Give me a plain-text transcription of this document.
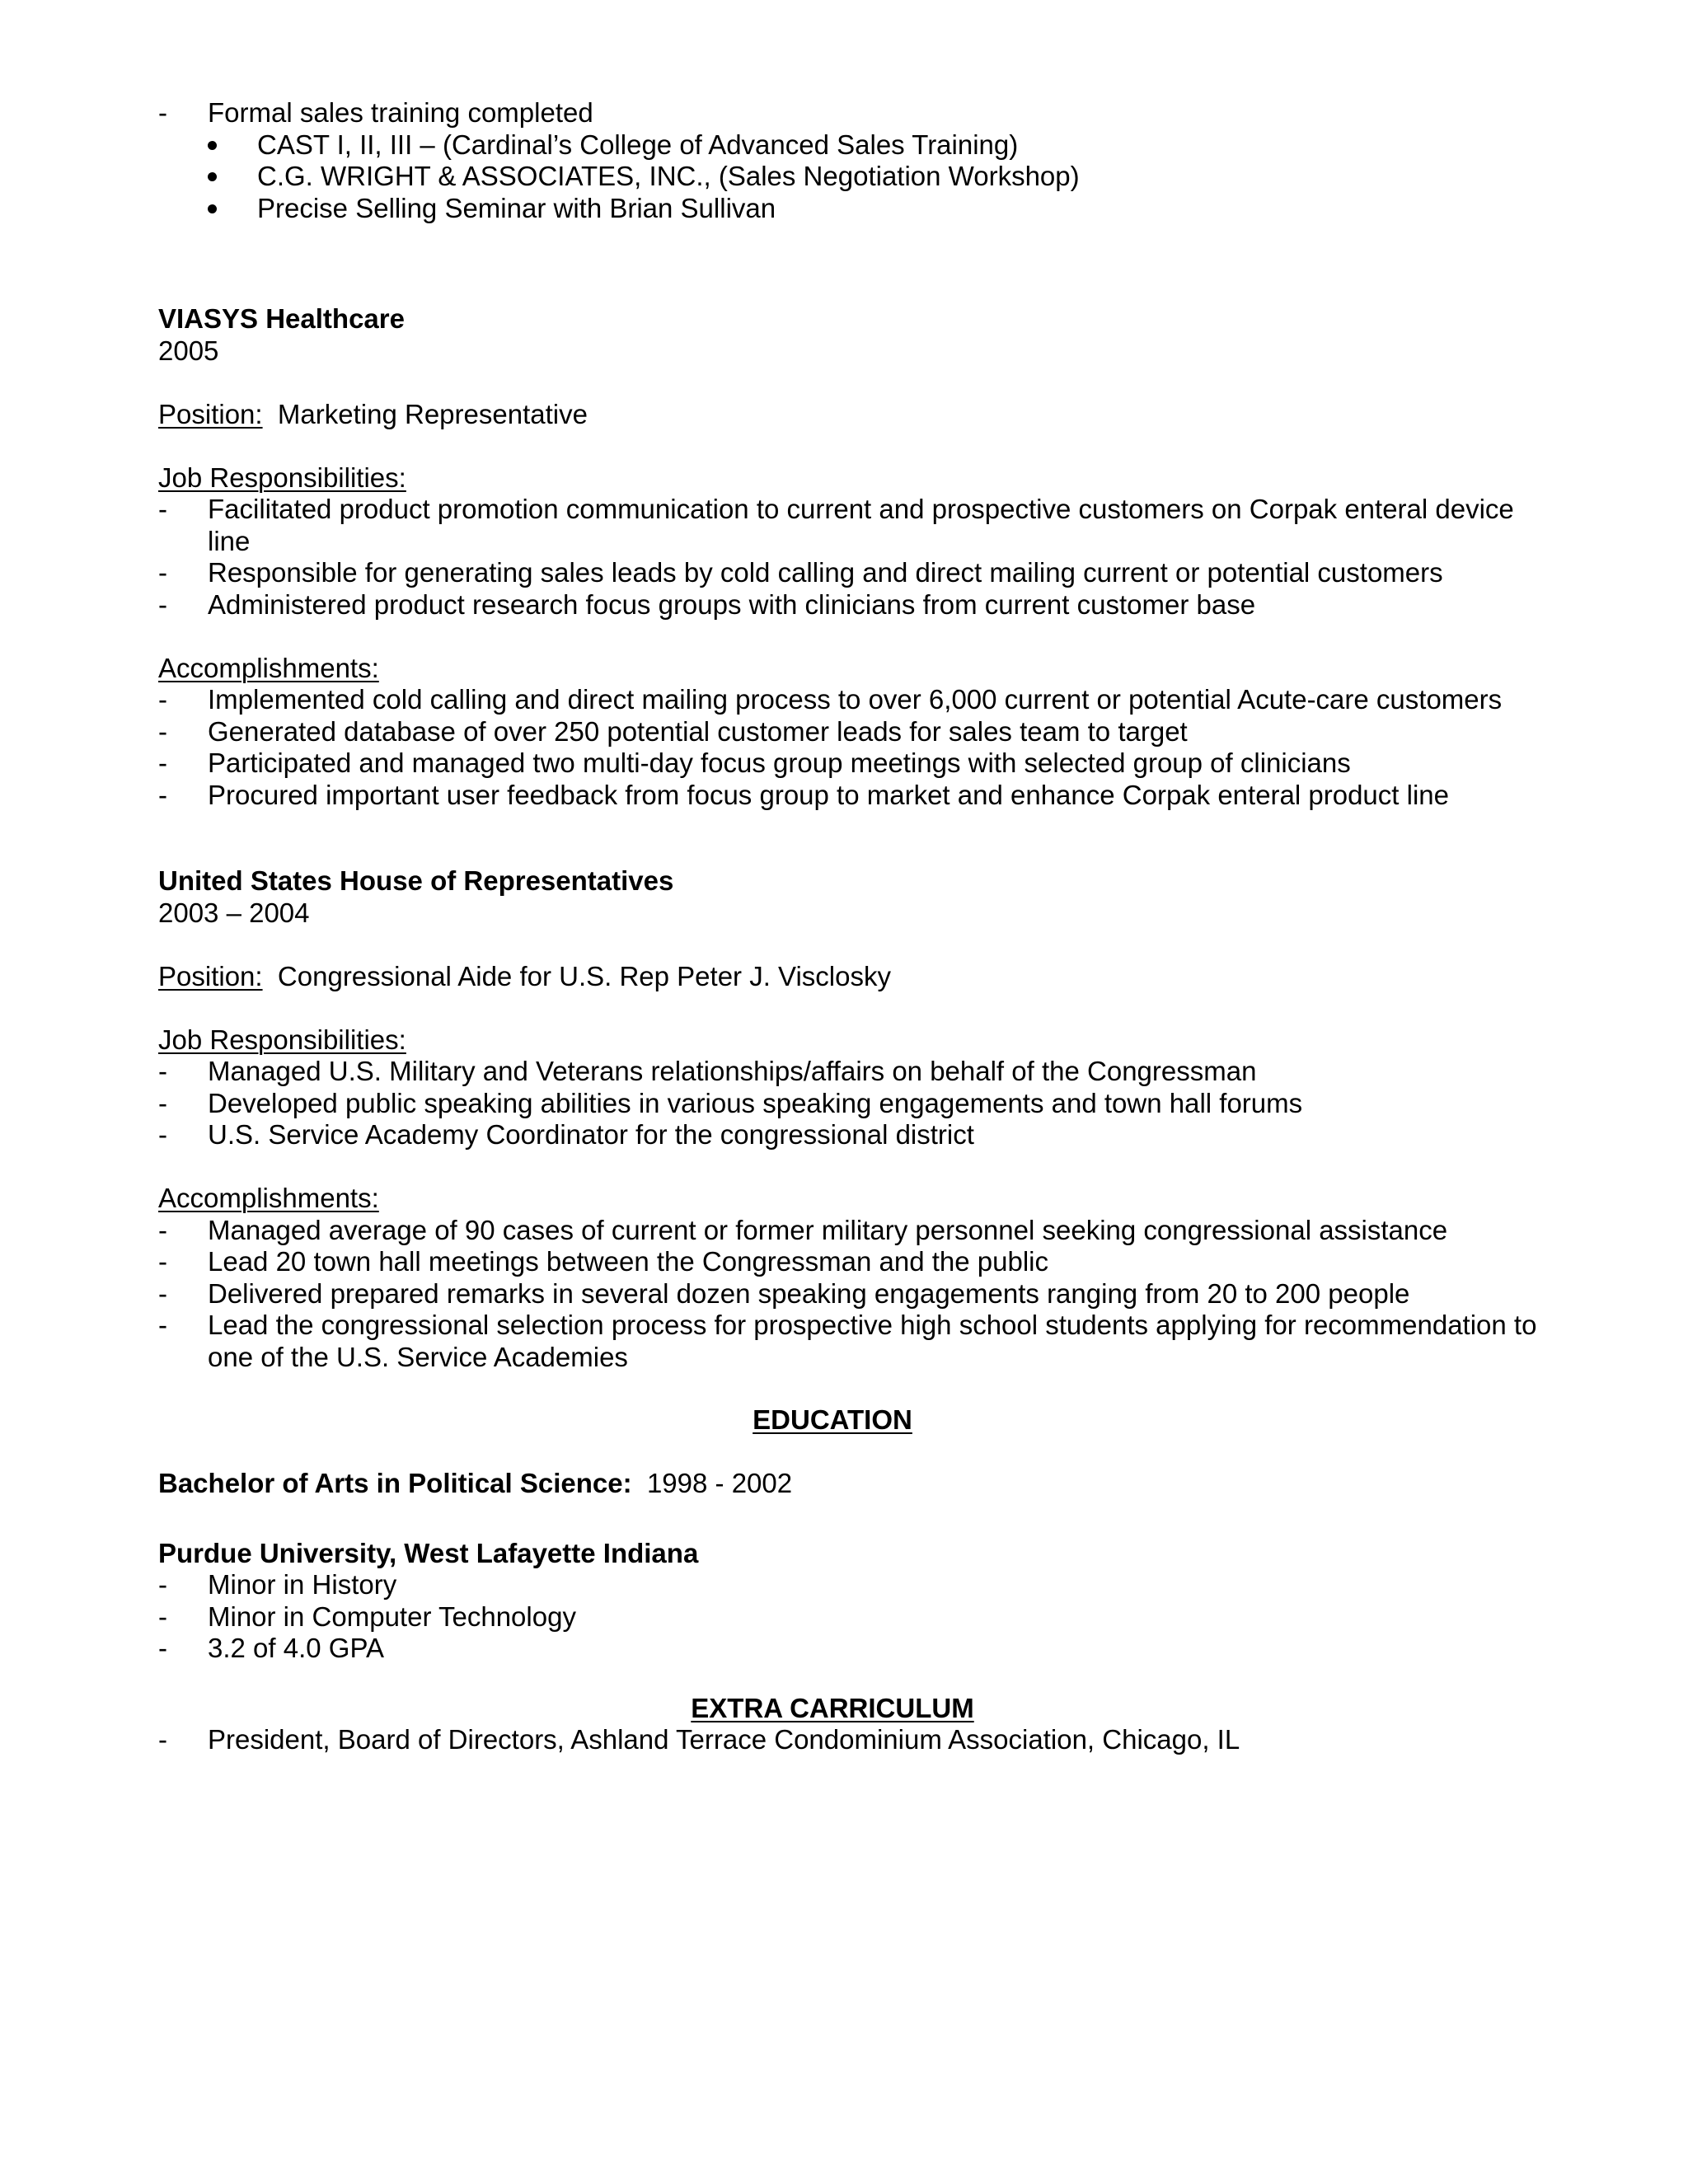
- Formal sales training completed
CAST I, II, III – (Cardinal’s College of Advanced Sales Training)
C.G. WRIGHT & ASSOCIATES, INC., (Sales Negotiation Workshop)
Precise Selling Seminar with Brian Sullivan
VIASYS Healthcare
2005
Position: Marketing Representative
Job Responsibilities:
- Facilitated product promotion communication to current and prospective customers on Corpak enteral device line
- Responsible for generating sales leads by cold calling and direct mailing current or potential customers
- Administered product research focus groups with clinicians from current customer base
Accomplishments:
- Implemented cold calling and direct mailing process to over 6,000 current or potential Acute-care customers
- Generated database of over 250 potential customer leads for sales team to target
- Participated and managed two multi-day focus group meetings with selected group of clinicians
- Procured important user feedback from focus group to market and enhance Corpak enteral product line
United States House of Representatives
2003 – 2004
Position: Congressional Aide for U.S. Rep Peter J. Visclosky
Job Responsibilities:
- Managed U.S. Military and Veterans relationships/affairs on behalf of the Congressman
- Developed public speaking abilities in various speaking engagements and town hall forums
- U.S. Service Academy Coordinator for the congressional district
Accomplishments:
- Managed average of 90 cases of current or former military personnel seeking congressional assistance
- Lead 20 town hall meetings between the Congressman and the public
- Delivered prepared remarks in several dozen speaking engagements ranging from 20 to 200 people
- Lead the congressional selection process for prospective high school students applying for recommendation to one of the U.S. Service Academies
EDUCATION
Bachelor of Arts in Political Science: 1998 - 2002
Purdue University, West Lafayette Indiana
- Minor in History
- Minor in Computer Technology
- 3.2 of 4.0 GPA
EXTRA CARRICULUM
- President, Board of Directors, Ashland Terrace Condominium Association, Chicago, IL
